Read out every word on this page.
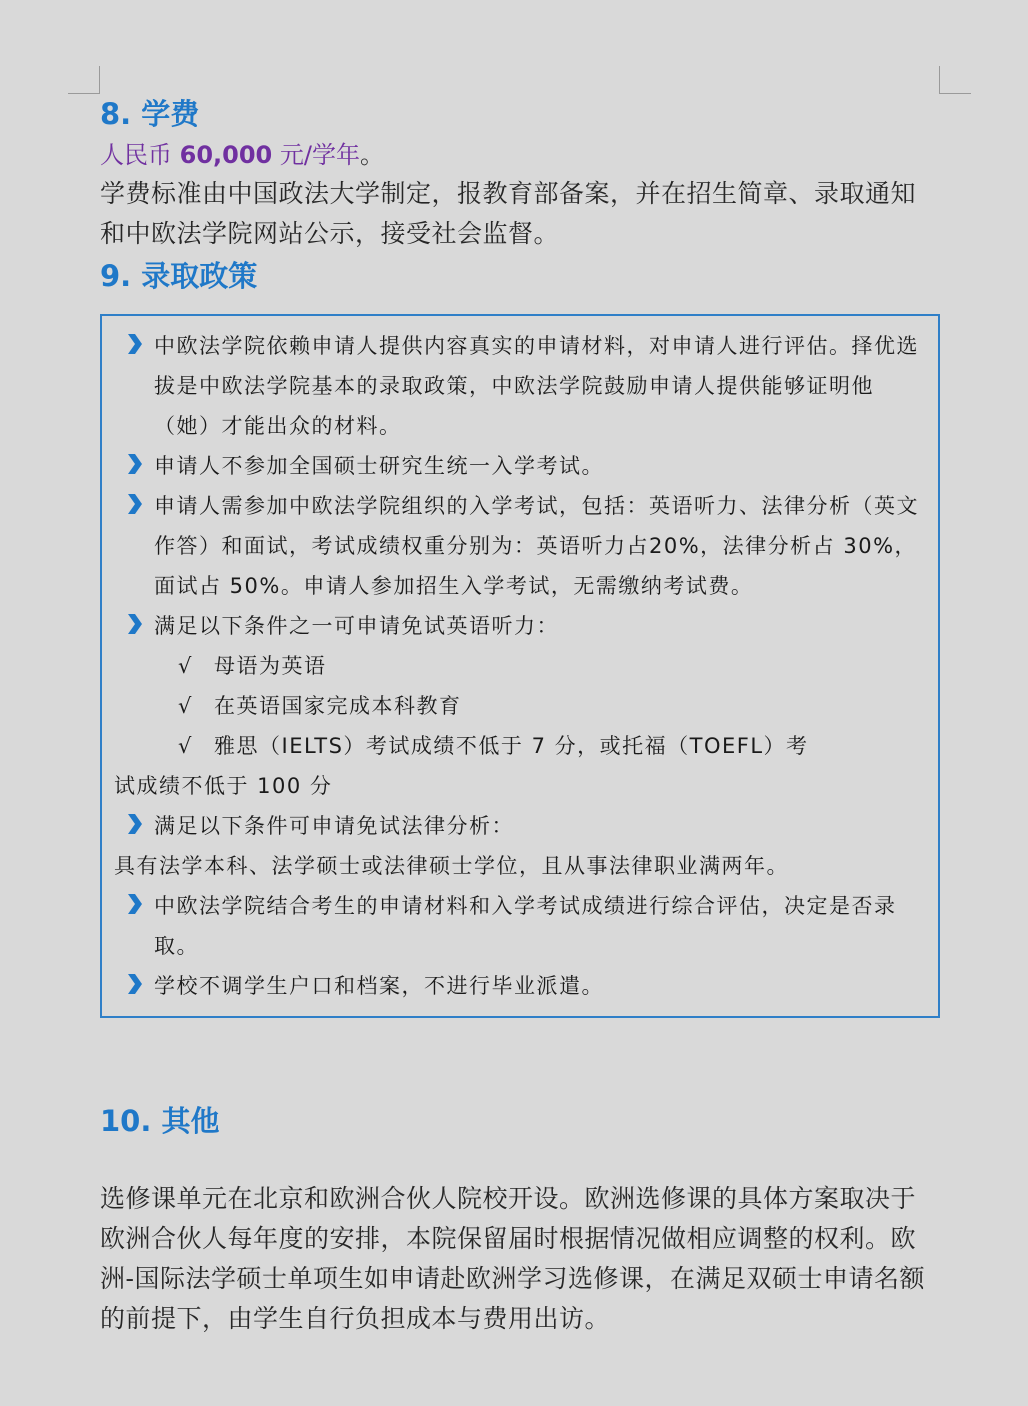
8. 学费
人民币 60,000 元/学年。

学费标准由中国政法大学制定，报教育部备案，并在招生简章、录取通知和中欧法学院网站公示，接受社会监督。

9. 录取政策
中欧法学院依赖申请人提供内容真实的申请材料，对申请人进行评估。择优选拔是中欧法学院基本的录取政策，中欧法学院鼓励申请人提供能够证明他（她）才能出众的材料。
申请人不参加全国硕士研究生统一入学考试。
申请人需参加中欧法学院组织的入学考试，包括：英语听力、法律分析（英文作答）和面试，考试成绩权重分别为：英语听力占20%，法律分析占 30%，面试占 50%。申请人参加招生入学考试，无需缴纳考试费。
满足以下条件之一可申请免试英语听力：
√ 母语为英语
√ 在英语国家完成本科教育
√ 雅思（IELTS）考试成绩不低于 7 分，或托福（TOEFL）考
试成绩不低于 100 分
满足以下条件可申请免试法律分析：
具有法学本科、法学硕士或法律硕士学位，且从事法律职业满两年。
中欧法学院结合考生的申请材料和入学考试成绩进行综合评估，决定是否录取。
学校不调学生户口和档案，不进行毕业派遣。
10. 其他

选修课单元在北京和欧洲合伙人院校开设。欧洲选修课的具体方案取决于欧洲合伙人每年度的安排，本院保留届时根据情况做相应调整的权利。欧洲-国际法学硕士单项生如申请赴欧洲学习选修课，在满足双硕士申请名额的前提下，由学生自行负担成本与费用出访。
